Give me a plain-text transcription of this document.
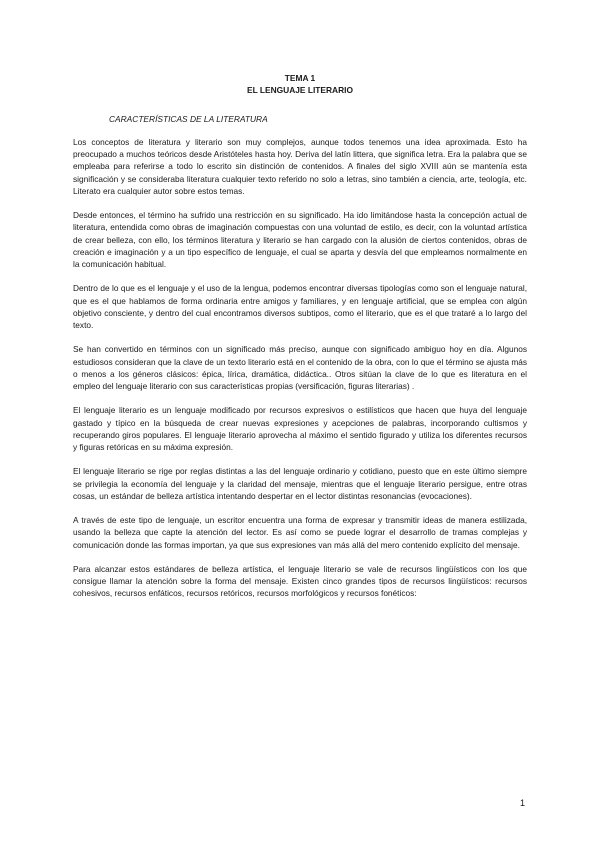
TEMA 1

EL LENGUAJE LITERARIO

CARACTERÍSTICAS DE LA LITERATURA

Los conceptos de literatura y literario son muy complejos, aunque todos tenemos una idea aproximada. Esto ha preocupado a muchos teóricos desde Aristóteles hasta hoy. Deriva del latín littera, que significa letra. Era la palabra que se empleaba para referirse a todo lo escrito sin distinción de contenidos. A finales del siglo XVIII aún se mantenía esta significación y se consideraba literatura cualquier texto referido no solo a letras, sino también a ciencia, arte, teología, etc. Literato era cualquier autor sobre estos temas.

Desde entonces, el término ha sufrido una restricción en su significado. Ha ido limitándose hasta la concepción actual de literatura, entendida como obras de imaginación compuestas con una voluntad de estilo, es decir, con la voluntad artística de crear belleza, con ello, los términos literatura y literario se han cargado con la alusión de ciertos contenidos, obras de creación e imaginación y a un tipo específico de lenguaje, el cual se aparta y desvía del que empleamos normalmente en la comunicación habitual.

Dentro de lo que es el lenguaje y el uso de la lengua, podemos encontrar diversas tipologías como son el lenguaje natural, que es el que hablamos de forma ordinaria entre amigos y familiares, y en lenguaje artificial, que se emplea con algún objetivo consciente, y dentro del cual encontramos diversos subtipos, como el literario, que es el que trataré a lo largo del texto.

Se han convertido en términos con un significado más preciso, aunque con significado ambiguo hoy en día. Algunos estudiosos consideran que la clave de un texto literario está en el contenido de la obra, con lo que el término se ajusta más o menos a los géneros clásicos: épica, lírica, dramática, didáctica.. Otros sitúan la clave de lo que es literatura en el empleo del lenguaje literario con sus características propias (versificación, figuras literarias) .

El lenguaje literario es un lenguaje modificado por recursos expresivos o estilísticos que hacen que huya del lenguaje gastado y típico en la búsqueda de crear nuevas expresiones y acepciones de palabras, incorporando cultismos y recuperando giros populares. El lenguaje literario aprovecha al máximo el sentido figurado y utiliza los diferentes recursos y figuras retóricas en su máxima expresión.

El lenguaje literario se rige por reglas distintas a las del lenguaje ordinario y cotidiano, puesto que en este último siempre se privilegia la economía del lenguaje y la claridad del mensaje, mientras que el lenguaje literario persigue, entre otras cosas, un estándar de belleza artística intentando despertar en el lector distintas resonancias (evocaciones).

A través de este tipo de lenguaje, un escritor encuentra una forma de expresar y transmitir ideas de manera estilizada, usando la belleza que capte la atención del lector. Es así como se puede lograr el desarrollo de tramas complejas y comunicación donde las formas importan, ya que sus expresiones van más allá del mero contenido explícito del mensaje.

Para alcanzar estos estándares de belleza artística, el lenguaje literario se vale de recursos lingüísticos con los que consigue llamar la atención sobre la forma del mensaje. Existen cinco grandes tipos de recursos lingüísticos: recursos cohesivos, recursos enfáticos, recursos retóricos, recursos morfológicos y recursos fonéticos:

1
